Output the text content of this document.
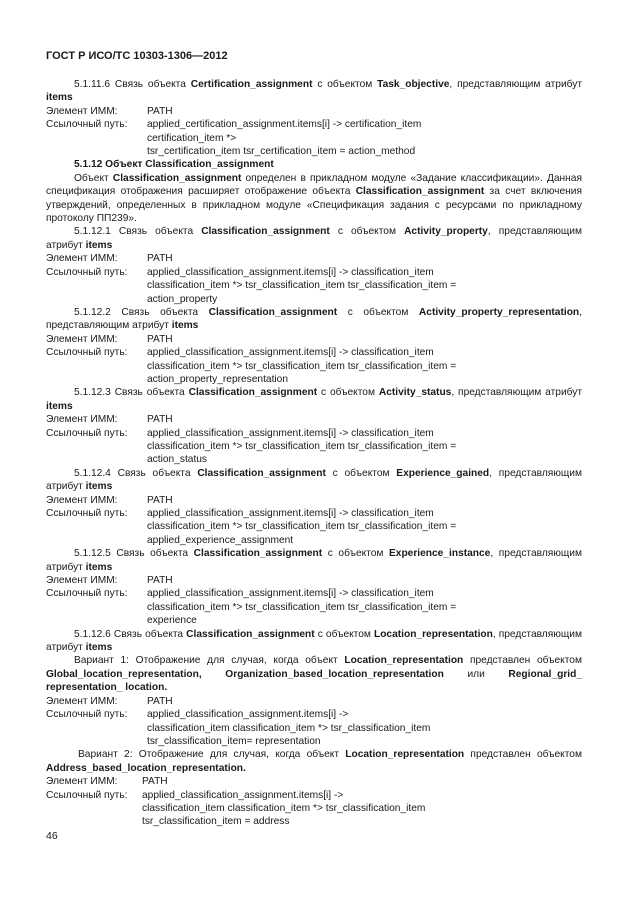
ГОСТ Р ИСО/ТС 10303-1306—2012
5.1.11.6 Связь объекта Certification_assignment с объектом Task_objective, представляющим атрибут items
Элемент ИММ:	PATH
Ссылочный путь:	applied_certification_assignment.items[i] -> certification_item
certification_item *>
tsr_certification_item tsr_certification_item = action_method
5.1.12 Объект Classification_assignment
Объект Classification_assignment определен в прикладном модуле «Задание классификации». Данная спецификация отображения расширяет отображение объекта Classification_assignment за счет включения утверждений, определенных в прикладном модуле «Спецификация задания с ресурсами по прикладному протоколу ПП239».
5.1.12.1 Связь объекта Classification_assignment с объектом Activity_property, представляющим атрибут items
Элемент ИММ:	PATH
Ссылочный путь:	applied_classification_assignment.items[i] -> classification_item
classification_item *> tsr_classification_item tsr_classification_item =
action_property
5.1.12.2 Связь объекта Classification_assignment с объектом Activity_property_representation, представляющим атрибут items
Элемент ИММ:	PATH
Ссылочный путь:	applied_classification_assignment.items[i] -> classification_item
classification_item *> tsr_classification_item tsr_classification_item =
action_property_representation
5.1.12.3 Связь объекта Classification_assignment с объектом Activity_status, представляющим атрибут items
Элемент ИММ:	PATH
Ссылочный путь:	applied_classification_assignment.items[i] -> classification_item
classification_item *> tsr_classification_item tsr_classification_item =
action_status
5.1.12.4 Связь объекта Classification_assignment с объектом Experience_gained, представляющим атрибут items
Элемент ИММ:	PATH
Ссылочный путь:	applied_classification_assignment.items[i] -> classification_item
classification_item *> tsr_classification_item tsr_classification_item =
applied_experience_assignment
5.1.12.5 Связь объекта Classification_assignment с объектом Experience_instance, представляющим атрибут items
Элемент ИММ:	PATH
Ссылочный путь:	applied_classification_assignment.items[i] -> classification_item
classification_item *> tsr_classification_item tsr_classification_item =
experience
5.1.12.6 Связь объекта Classification_assignment с объектом Location_representation, представляющим атрибут items
Вариант 1: Отображение для случая, когда объект Location_representation представлен объектом Global_location_representation, Organization_based_location_representation или Regional_grid_ representation_ location.
Элемент ИММ:	PATH
Ссылочный путь:	applied_classification_assignment.items[i] ->
classification_item classification_item *> tsr_classification_item
tsr_classification_item= representation
Вариант 2: Отображение для случая, когда объект Location_representation представлен объектом Address_based_location_representation.
Элемент ИММ:	PATH
Ссылочный путь:	applied_classification_assignment.items[i] ->
classification_item classification_item *> tsr_classification_item
tsr_classification_item = address
46
